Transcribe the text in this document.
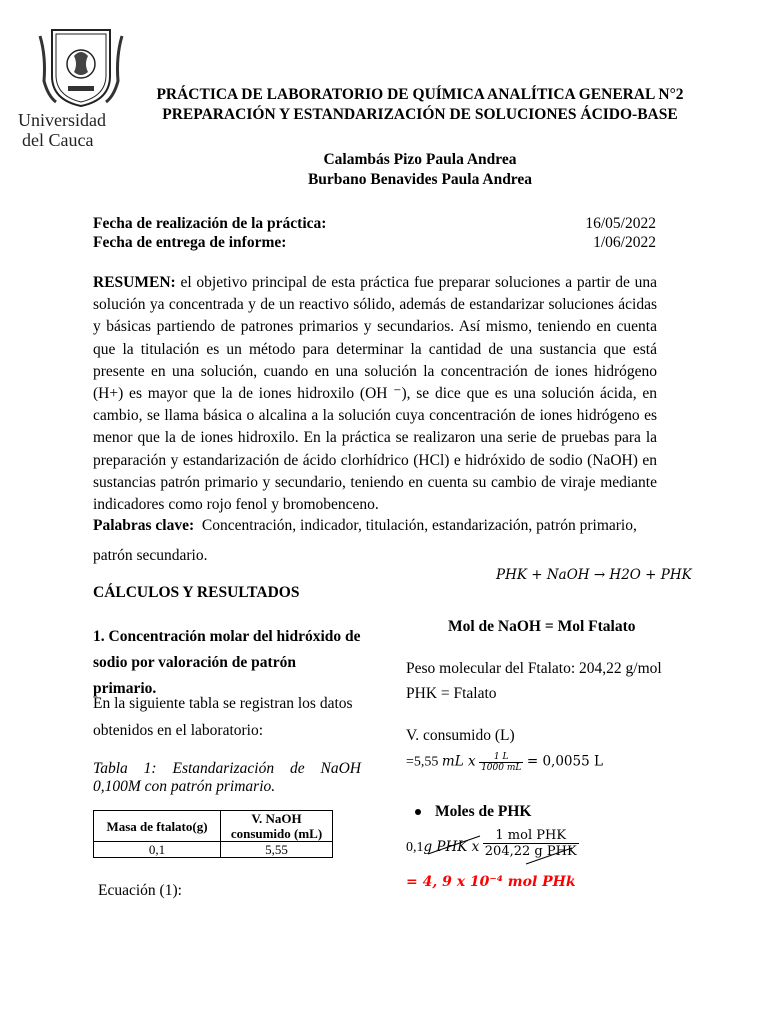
Universidad
del Cauca
PRÁCTICA DE LABORATORIO DE QUÍMICA ANALÍTICA GENERAL N°2
PREPARACIÓN Y ESTANDARIZACIÓN DE SOLUCIONES ÁCIDO-BASE
Calambás Pizo Paula Andrea
Burbano Benavides Paula Andrea
Fecha de realización de la práctica:	16/05/2022
Fecha de entrega de informe:	1/06/2022
RESUMEN: el objetivo principal de esta práctica fue preparar soluciones a partir de una solución ya concentrada y de un reactivo sólido, además de estandarizar soluciones ácidas y básicas partiendo de patrones primarios y secundarios. Así mismo, teniendo en cuenta que la titulación es un método para determinar la cantidad de una sustancia que está presente en una solución, cuando en una solución la concentración de iones hidrógeno (H+) es mayor que la de iones hidroxilo (OH ⁻), se dice que es una solución ácida, en cambio, se llama básica o alcalina a la solución cuya concentración de iones hidrógeno es menor que la de iones hidroxilo. En la práctica se realizaron una serie de pruebas para la preparación y estandarización de ácido clorhídrico (HCl) e hidróxido de sodio (NaOH) en sustancias patrón primario y secundario, teniendo en cuenta su cambio de viraje mediante indicadores como rojo fenol y bromobenceno.
Palabras clave: Concentración, indicador, titulación, estandarización, patrón primario, patrón secundario.
CÁLCULOS Y RESULTADOS
1. Concentración molar del hidróxido de sodio por valoración de patrón primario.
En la siguiente tabla se registran los datos obtenidos en el laboratorio:
Tabla 1: Estandarización de NaOH 0,100M con patrón primario.
Masa de ftalato(g)	V. NaOH consumido (mL)
0,1	5,55
Ecuación (1):
PHK + NaOH → H2O + PHK
Mol de NaOH = Mol Ftalato
Peso molecular del Ftalato: 204,22 g/mol
PHK = Ftalato
V. consumido (L)
=5,55 mL x $\frac{1 L}{1000 mL} = 0,0055$ L
Moles de PHK
0,1g PHK x $\frac{\text{1 mol PHK}}{\text{204,22 g PHK}}$
= 4, 9 x 10⁻⁴ mol PHk
